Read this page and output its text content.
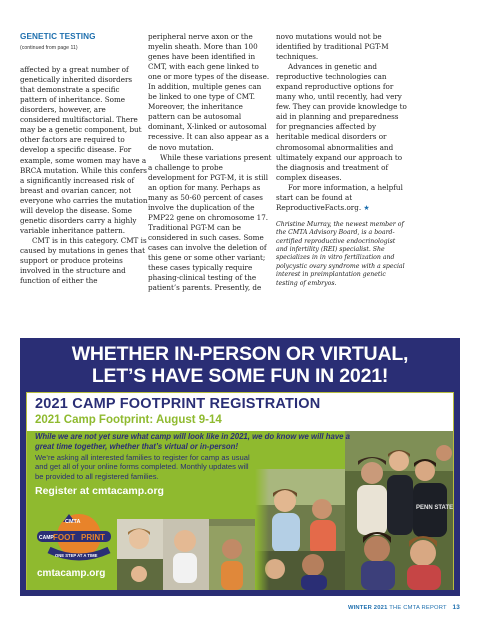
GENETIC TESTING
(continued from page 11)

affected by a great number of genetically inherited disorders that demonstrate a specific pattern of inheritance. Some disorders, however, are considered multifactorial. There may be a genetic component, but other factors are required to develop a specific disease. For example, some women may have a BRCA mutation. While this confers a significantly increased risk of breast and ovarian cancer, not everyone who carries the mutation will develop the disease. Some genetic disorders carry a highly variable inheritance pattern.

CMT is in this category. CMT is caused by mutations in genes that support or produce proteins involved in the structure and function of either the

peripheral nerve axon or the myelin sheath. More than 100 genes have been identified in CMT, with each gene linked to one or more types of the disease. In addition, multiple genes can be linked to one type of CMT. Moreover, the inheritance pattern can be autosomal dominant, X-linked or autosomal recessive. It can also appear as a de novo mutation.

While these variations present a challenge to probe development for PGT-M, it is still an option for many. Perhaps as many as 50-60 percent of cases involve the duplication of the PMP22 gene on chromosome 17. Traditional PGT-M can be considered in such cases. Some cases can involve the deletion of this gene or some other variant; these cases typically require phasing-clinical testing of the patient’s parents. Presently, de

novo mutations would not be identified by traditional PGT-M techniques.

Advances in genetic and reproductive technologies can expand reproductive options for many who, until recently, had very few. They can provide knowledge to aid in planning and preparedness for pregnancies affected by heritable medical disorders or chromosomal abnormalities and ultimately expand our approach to the diagnosis and treatment of complex diseases.

For more information, a helpful start can be found at ReproductiveFacts.org. ★

Christine Murray, the newest member of the CMTA Advisory Board, is a board-certified reproductive endocrinologist and infertility (REI) specialist. She specializes in in vitro fertilization and polycystic ovary syndrome with a special interest in preimplantation genetic testing of embryos.

WHETHER IN-PERSON OR VIRTUAL,
LET’S HAVE SOME FUN IN 2021!
2021 CAMP FOOTPRINT REGISTRATION
2021 Camp Footprint: August 9-14
PENN STATE
While we are not yet sure what camp will look like in 2021, we do know we will have a great time together, whether that’s virtual or in-person!
We’re asking all interested families to register for camp as usual and get all of your online forms completed. Monthly updates will be provided to all registered families.
Register at cmtacamp.org
CMTA
CAMP FOOT PRINT
ONE STEP AT A TIME
cmtacamp.org
WINTER 2021 THE CMTA REPORT 13
